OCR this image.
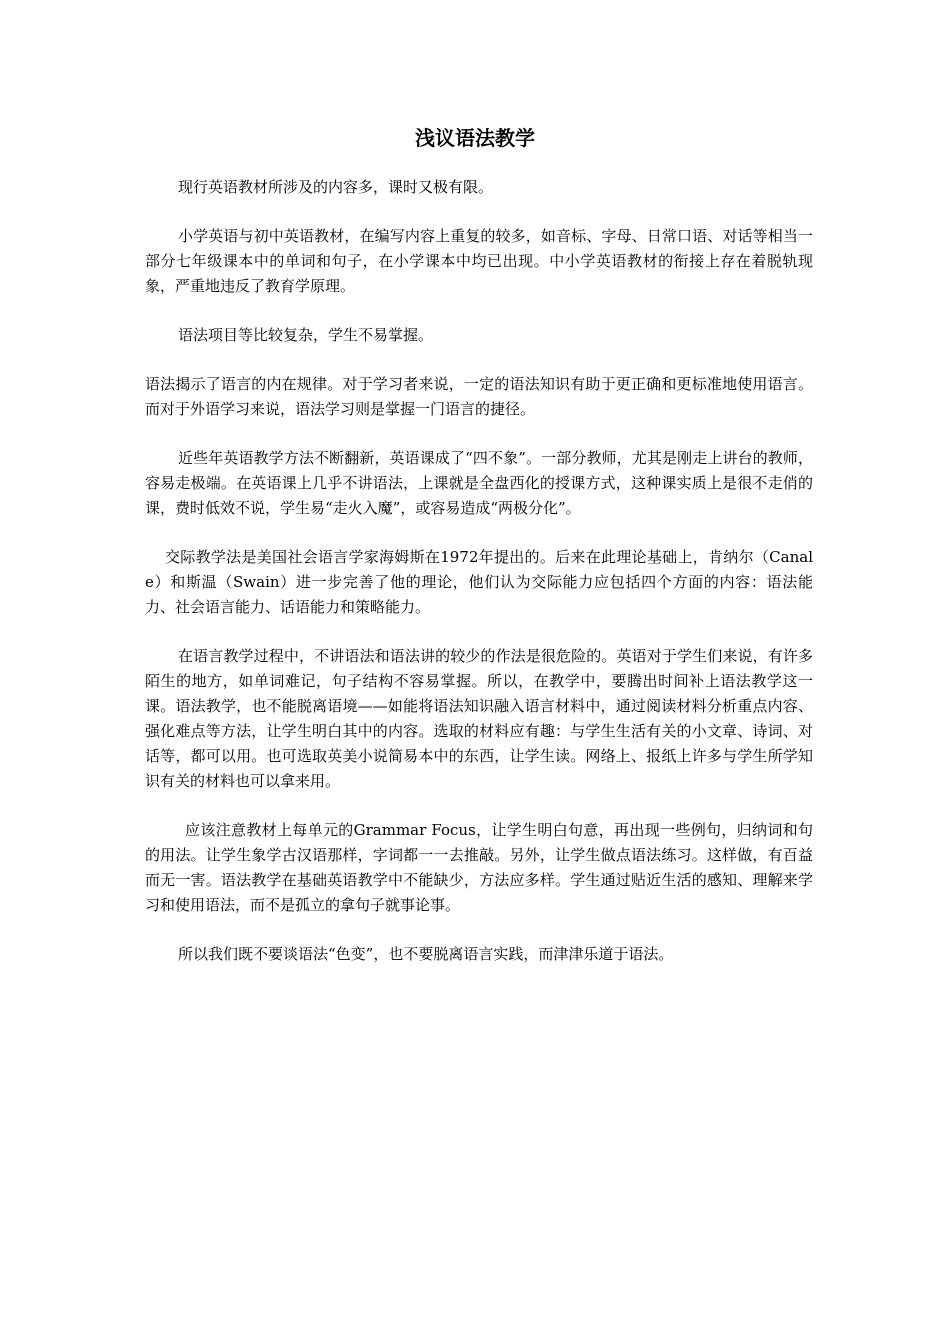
浅议语法教学

现行英语教材所涉及的内容多，课时又极有限。

小学英语与初中英语教材，在编写内容上重复的较多，如音标、字母、日常口语、对话等相当一部分七年级课本中的单词和句子，在小学课本中均已出现。中小学英语教材的衔接上存在着脱轨现象，严重地违反了教育学原理。

语法项目等比较复杂，学生不易掌握。

语法揭示了语言的内在规律。对于学习者来说，一定的语法知识有助于更正确和更标准地使用语言。而对于外语学习来说，语法学习则是掌握一门语言的捷径。

近些年英语教学方法不断翻新，英语课成了“四不象”。一部分教师，尤其是刚走上讲台的教师，容易走极端。在英语课上几乎不讲语法，上课就是全盘西化的授课方式，这种课实质上是很不走俏的课，费时低效不说，学生易“走火入魔”，或容易造成“两极分化”。

交际教学法是美国社会语言学家海姆斯在1972年提出的。后来在此理论基础上，肯纳尔（Canale）和斯温（Swain）进一步完善了他的理论，他们认为交际能力应包括四个方面的内容：语法能力、社会语言能力、话语能力和策略能力。

在语言教学过程中，不讲语法和语法讲的较少的作法是很危险的。英语对于学生们来说，有许多陌生的地方，如单词难记，句子结构不容易掌握。所以，在教学中，要腾出时间补上语法教学这一课。语法教学，也不能脱离语境——如能将语法知识融入语言材料中，通过阅读材料分析重点内容、强化难点等方法，让学生明白其中的内容。选取的材料应有趣：与学生生活有关的小文章、诗词、对话等，都可以用。也可选取英美小说简易本中的东西，让学生读。网络上、报纸上许多与学生所学知识有关的材料也可以拿来用。

应该注意教材上每单元的Grammar Focus，让学生明白句意，再出现一些例句，归纳词和句的用法。让学生象学古汉语那样，字词都一一去推敲。另外，让学生做点语法练习。这样做，有百益而无一害。语法教学在基础英语教学中不能缺少，方法应多样。学生通过贴近生活的感知、理解来学习和使用语法，而不是孤立的拿句子就事论事。

所以我们既不要谈语法“色变”，也不要脱离语言实践，而津津乐道于语法。
